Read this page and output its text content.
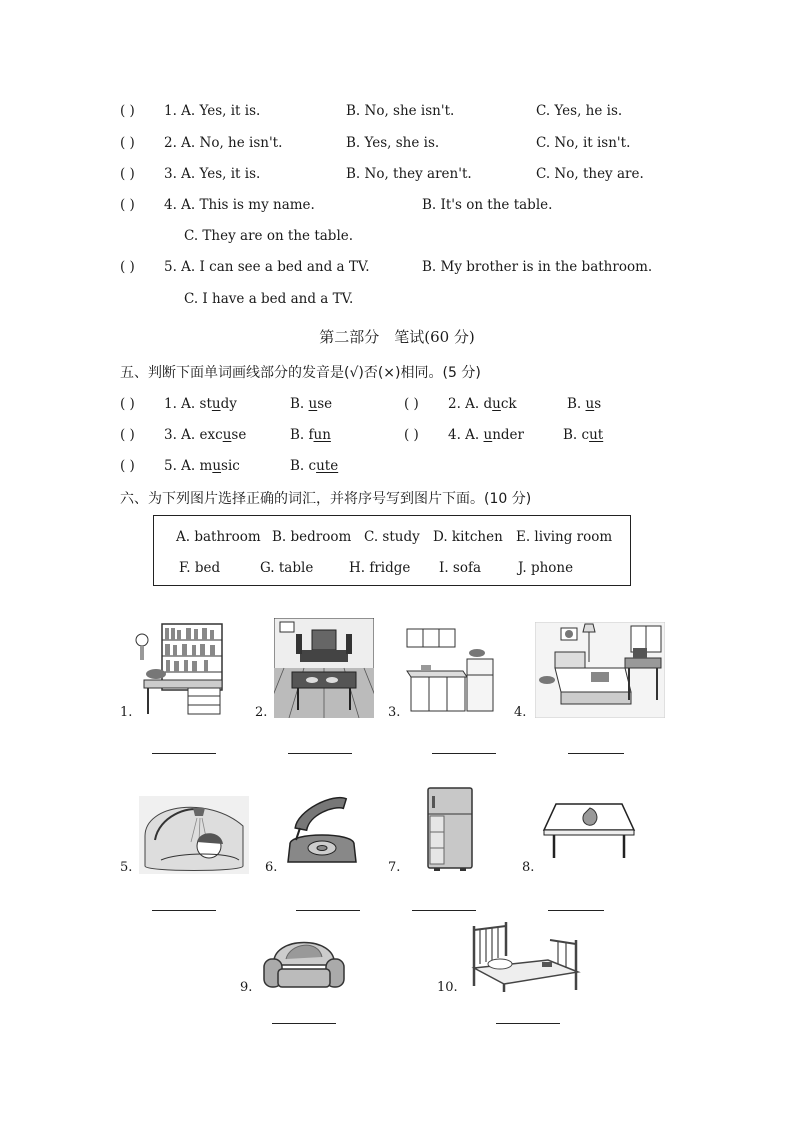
( ) 1. A. Yes, it is.	B. No, she isn't.	C. Yes, he is.
( ) 2. A. No, he isn't.	B. Yes, she is.	C. No, it isn't.
( ) 3. A. Yes, it is.	B. No, they aren't.	C. No, they are.
( ) 4. A. This is my name.	B. It's on the table.
C. They are on the table.
( ) 5. A. I can see a bed and a TV.	B. My brother is in the bathroom.
C. I have a bed and a TV.
第二部分　笔试(60 分)
五、判断下面单词画线部分的发音是(√)否(×)相同。(5 分)
( ) 1. A. study	B. use	( ) 2. A. duck	B. us
( ) 3. A. excuse	B. fun	( ) 4. A. under	B. cut
( ) 5. A. music	B. cute
六、为下列图片选择正确的词汇，并将序号写到图片下面。(10 分)
A. bathroom B. bedroom C. study D. kitchen E. living room
F. bed	G. table	H. fridge I. sofa	J. phone
1.	2.	3.	4.
5.	6.	7.	8.
9.	10.
